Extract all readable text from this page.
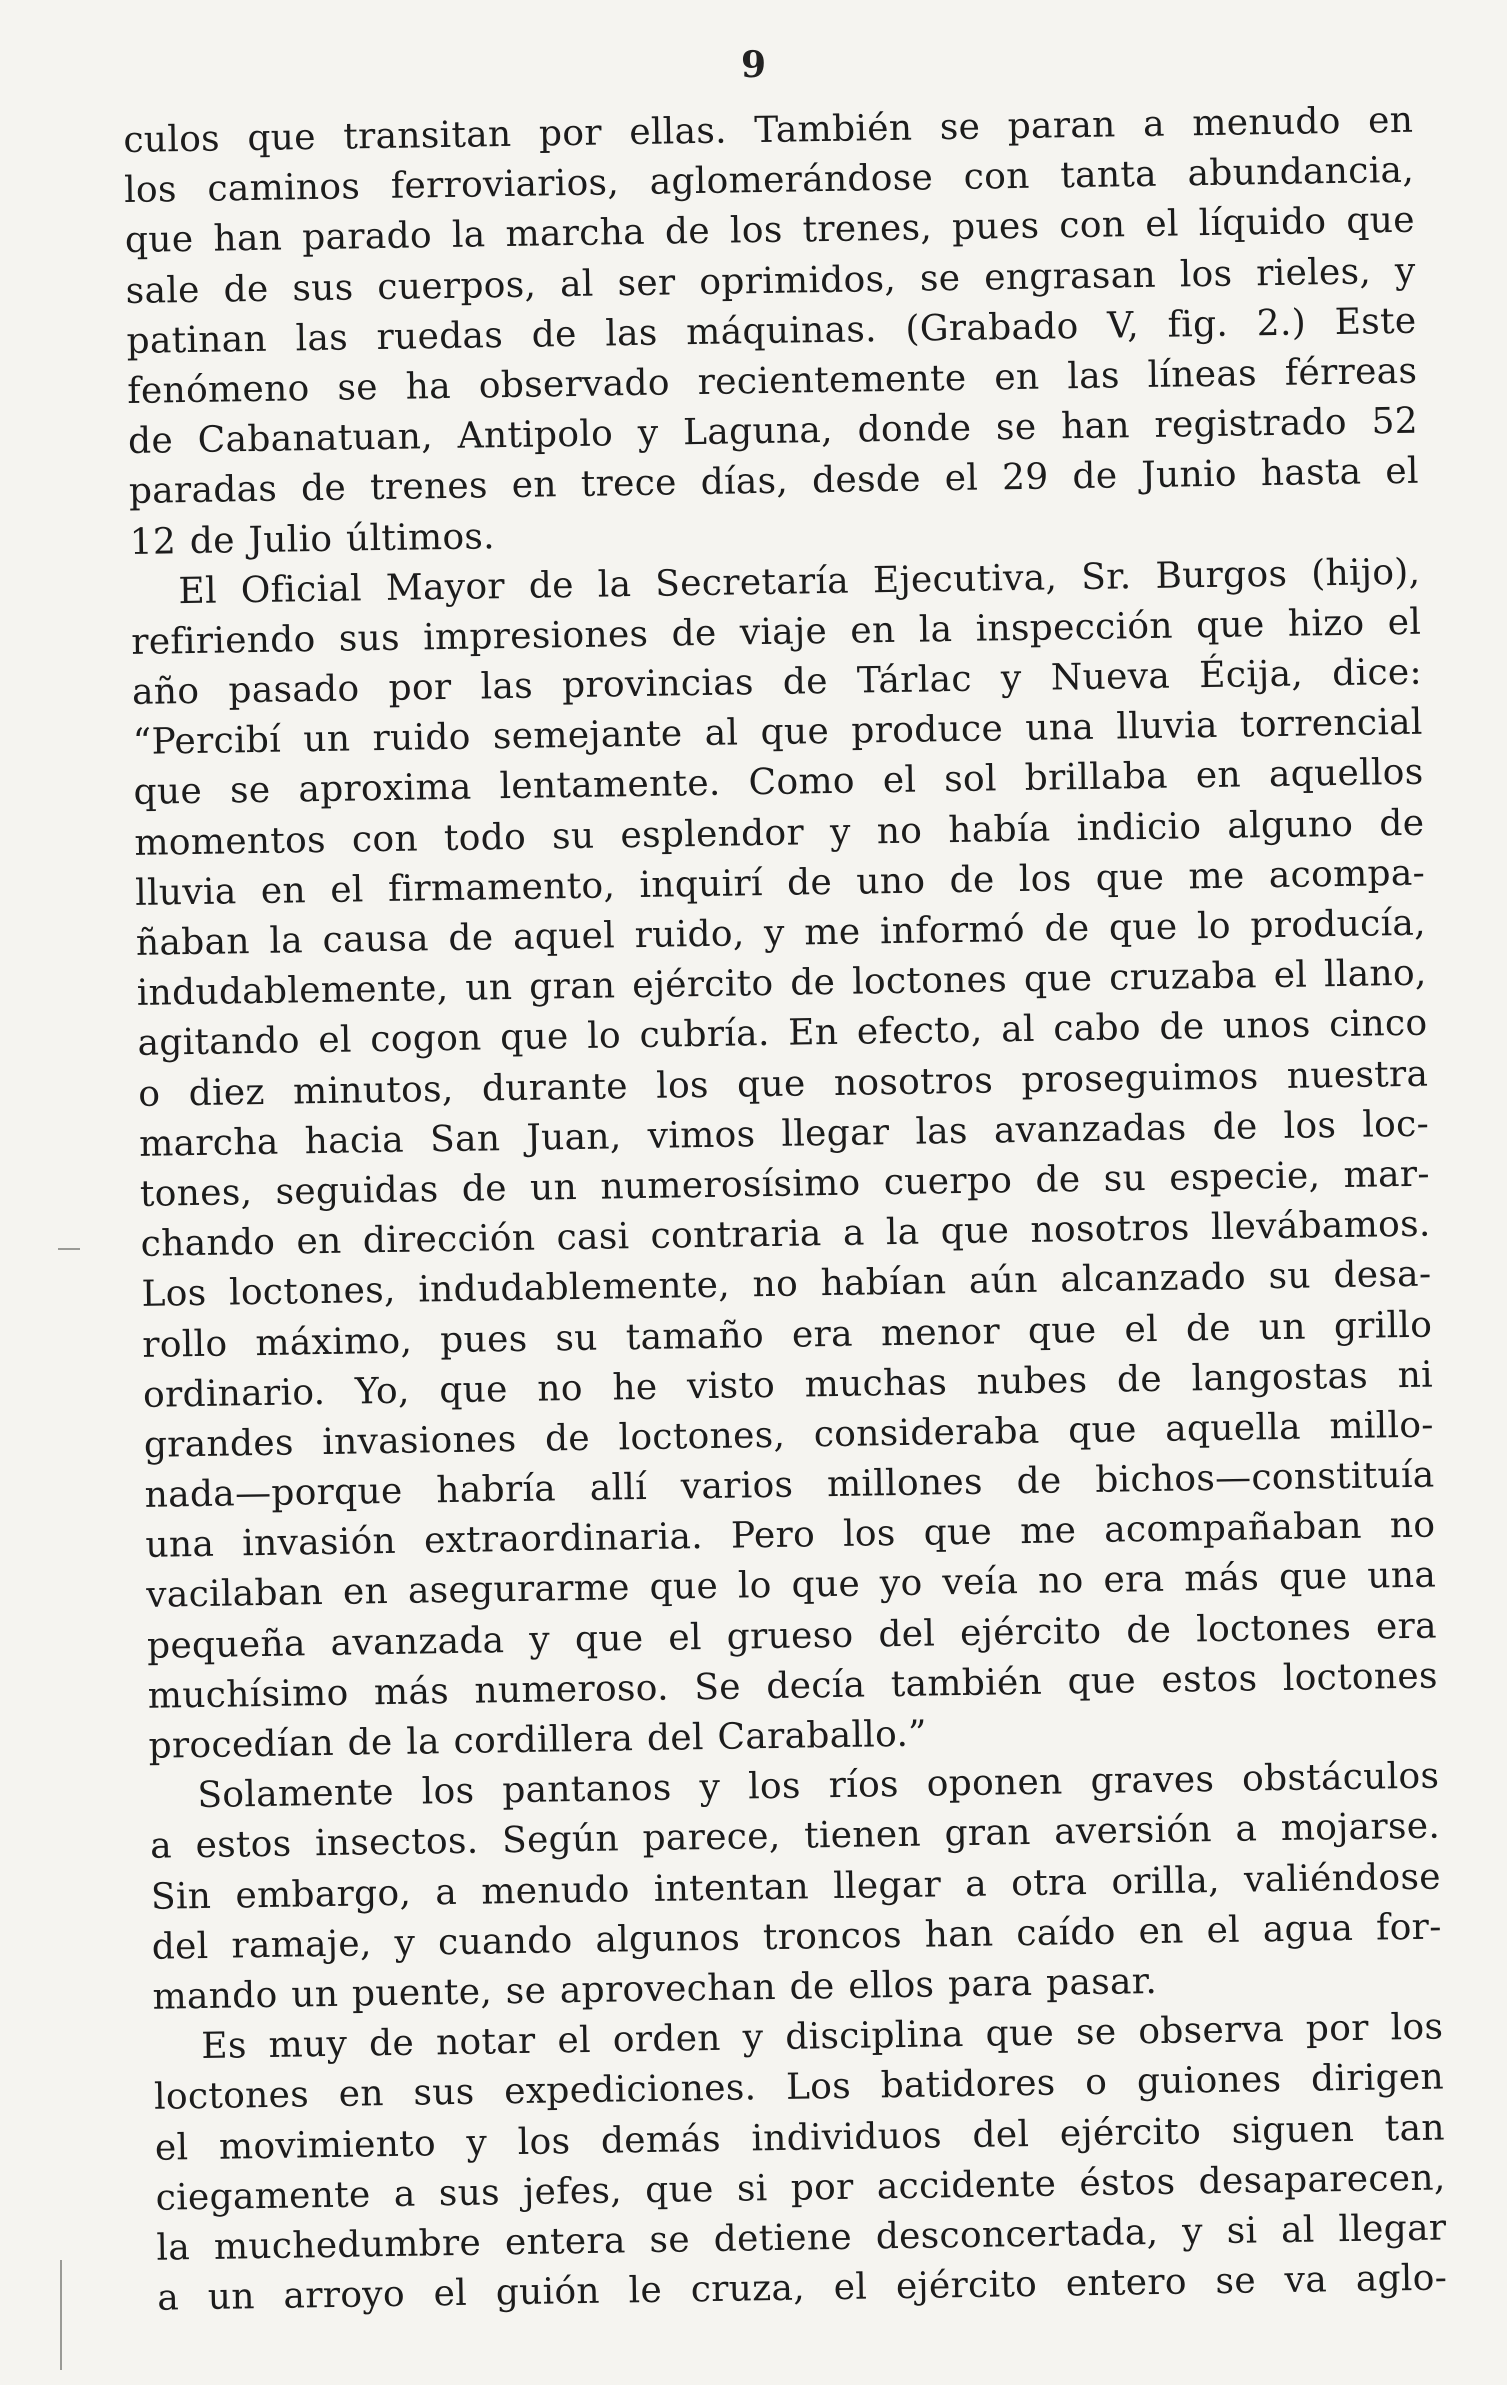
9
culos que transitan por ellas. También se paran a menudo en
los caminos ferroviarios, aglomerándose con tanta abundancia,
que han parado la marcha de los trenes, pues con el líquido que
sale de sus cuerpos, al ser oprimidos, se engrasan los rieles, y
patinan las ruedas de las máquinas. (Grabado V, fig. 2.) Este
fenómeno se ha observado recientemente en las líneas férreas
de Cabanatuan, Antipolo y Laguna, donde se han registrado 52
paradas de trenes en trece días, desde el 29 de Junio hasta el
12 de Julio últimos.
El Oficial Mayor de la Secretaría Ejecutiva, Sr. Burgos (hijo),
refiriendo sus impresiones de viaje en la inspección que hizo el
año pasado por las provincias de Tárlac y Nueva Écija, dice:
“Percibí un ruido semejante al que produce una lluvia torrencial
que se aproxima lentamente. Como el sol brillaba en aquellos
momentos con todo su esplendor y no había indicio alguno de
lluvia en el firmamento, inquirí de uno de los que me acompa-
ñaban la causa de aquel ruido, y me informó de que lo producía,
indudablemente, un gran ejército de loctones que cruzaba el llano,
agitando el cogon que lo cubría. En efecto, al cabo de unos cinco
o diez minutos, durante los que nosotros proseguimos nuestra
marcha hacia San Juan, vimos llegar las avanzadas de los loc-
tones, seguidas de un numerosísimo cuerpo de su especie, mar-
chando en dirección casi contraria a la que nosotros llevábamos.
Los loctones, indudablemente, no habían aún alcanzado su desa-
rollo máximo, pues su tamaño era menor que el de un grillo
ordinario. Yo, que no he visto muchas nubes de langostas ni
grandes invasiones de loctones, consideraba que aquella millo-
nada—porque habría allí varios millones de bichos—constituía
una invasión extraordinaria. Pero los que me acompañaban no
vacilaban en asegurarme que lo que yo veía no era más que una
pequeña avanzada y que el grueso del ejército de loctones era
muchísimo más numeroso. Se decía también que estos loctones
procedían de la cordillera del Caraballo.”
Solamente los pantanos y los ríos oponen graves obstáculos
a estos insectos. Según parece, tienen gran aversión a mojarse.
Sin embargo, a menudo intentan llegar a otra orilla, valiéndose
del ramaje, y cuando algunos troncos han caído en el agua for-
mando un puente, se aprovechan de ellos para pasar.
Es muy de notar el orden y disciplina que se observa por los
loctones en sus expediciones. Los batidores o guiones dirigen
el movimiento y los demás individuos del ejército siguen tan
ciegamente a sus jefes, que si por accidente éstos desaparecen,
la muchedumbre entera se detiene desconcertada, y si al llegar
a un arroyo el guión le cruza, el ejército entero se va aglo-
